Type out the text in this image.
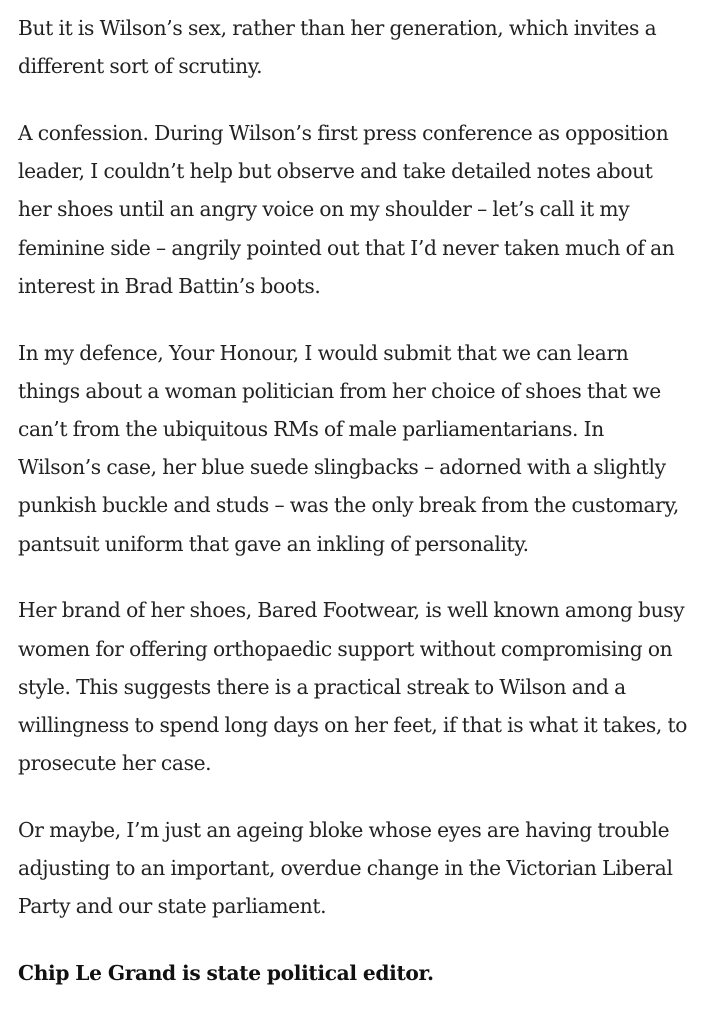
But it is Wilson’s sex, rather than her generation, which invites a different sort of scrutiny.

A confession. During Wilson’s first press conference as opposition leader, I couldn’t help but observe and take detailed notes about her shoes until an angry voice on my shoulder – let’s call it my feminine side – angrily pointed out that I’d never taken much of an interest in Brad Battin’s boots.

In my defence, Your Honour, I would submit that we can learn things about a woman politician from her choice of shoes that we can’t from the ubiquitous RMs of male parliamentarians. In Wilson’s case, her blue suede slingbacks – adorned with a slightly punkish buckle and studs – was the only break from the customary, pantsuit uniform that gave an inkling of personality.

Her brand of her shoes, Bared Footwear, is well known among busy women for offering orthopaedic support without compromising on style. This suggests there is a practical streak to Wilson and a willingness to spend long days on her feet, if that is what it takes, to prosecute her case.

Or maybe, I’m just an ageing bloke whose eyes are having trouble adjusting to an important, overdue change in the Victorian Liberal Party and our state parliament.

Chip Le Grand is state political editor.
